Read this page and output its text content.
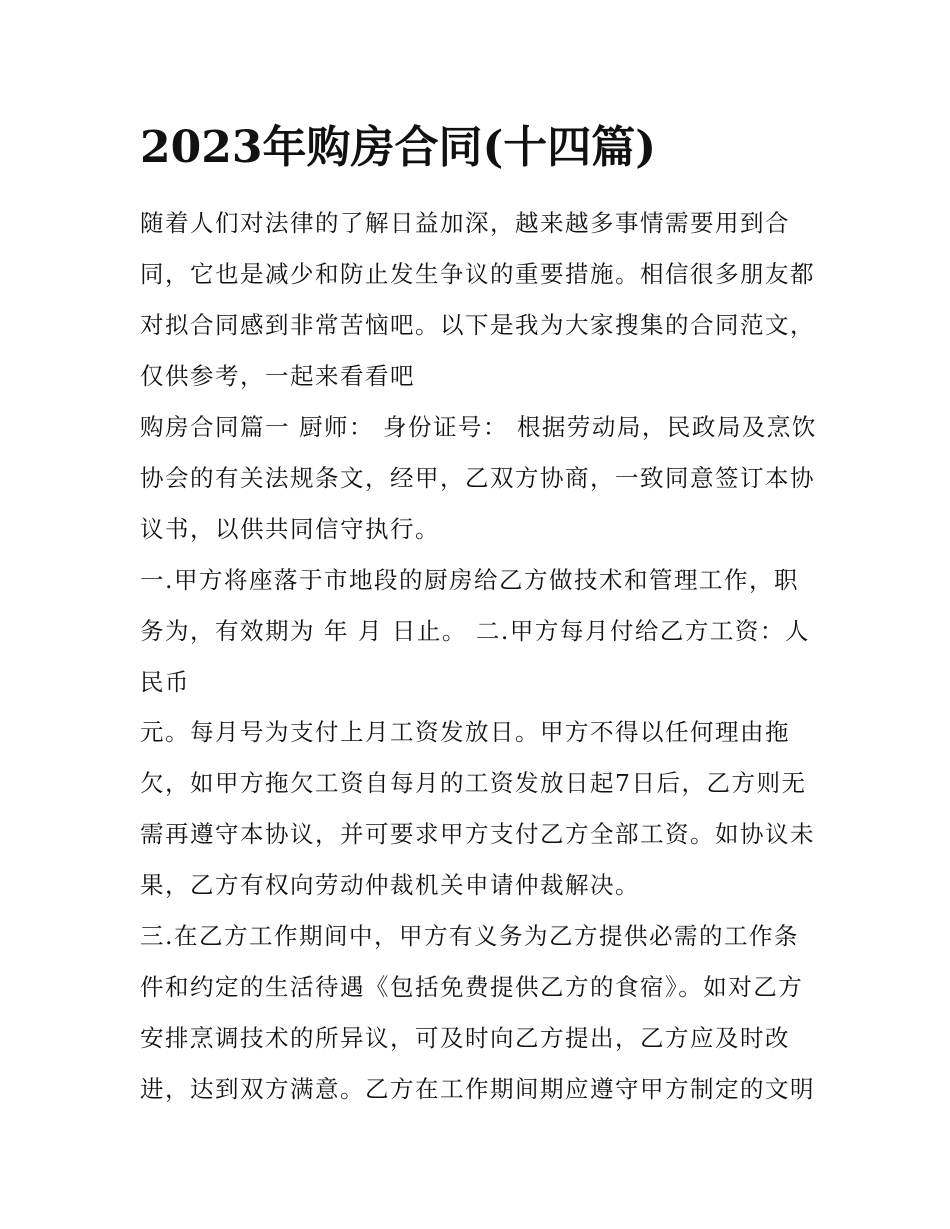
2023年购房合同(十四篇)

随着人们对法律的了解日益加深，越来越多事情需要用到合

同，它也是减少和防止发生争议的重要措施。相信很多朋友都

对拟合同感到非常苦恼吧。以下是我为大家搜集的合同范文，

仅供参考，一起来看看吧

购房合同篇一 厨师： 身份证号： 根据劳动局，民政局及烹饮

协会的有关法规条文，经甲，乙双方协商，一致同意签订本协

议书，以供共同信守执行。

一.甲方将座落于市地段的厨房给乙方做技术和管理工作，职

务为，有效期为 年 月 日止。 二.甲方每月付给乙方工资：人

民币

元。每月号为支付上月工资发放日。甲方不得以任何理由拖

欠，如甲方拖欠工资自每月的工资发放日起7日后，乙方则无

需再遵守本协议，并可要求甲方支付乙方全部工资。如协议未

果，乙方有权向劳动仲裁机关申请仲裁解决。

三.在乙方工作期间中，甲方有义务为乙方提供必需的工作条

件和约定的生活待遇《包括免费提供乙方的食宿》。如对乙方

安排烹调技术的所异议，可及时向乙方提出，乙方应及时改

进，达到双方满意。乙方在工作期间期应遵守甲方制定的文明
